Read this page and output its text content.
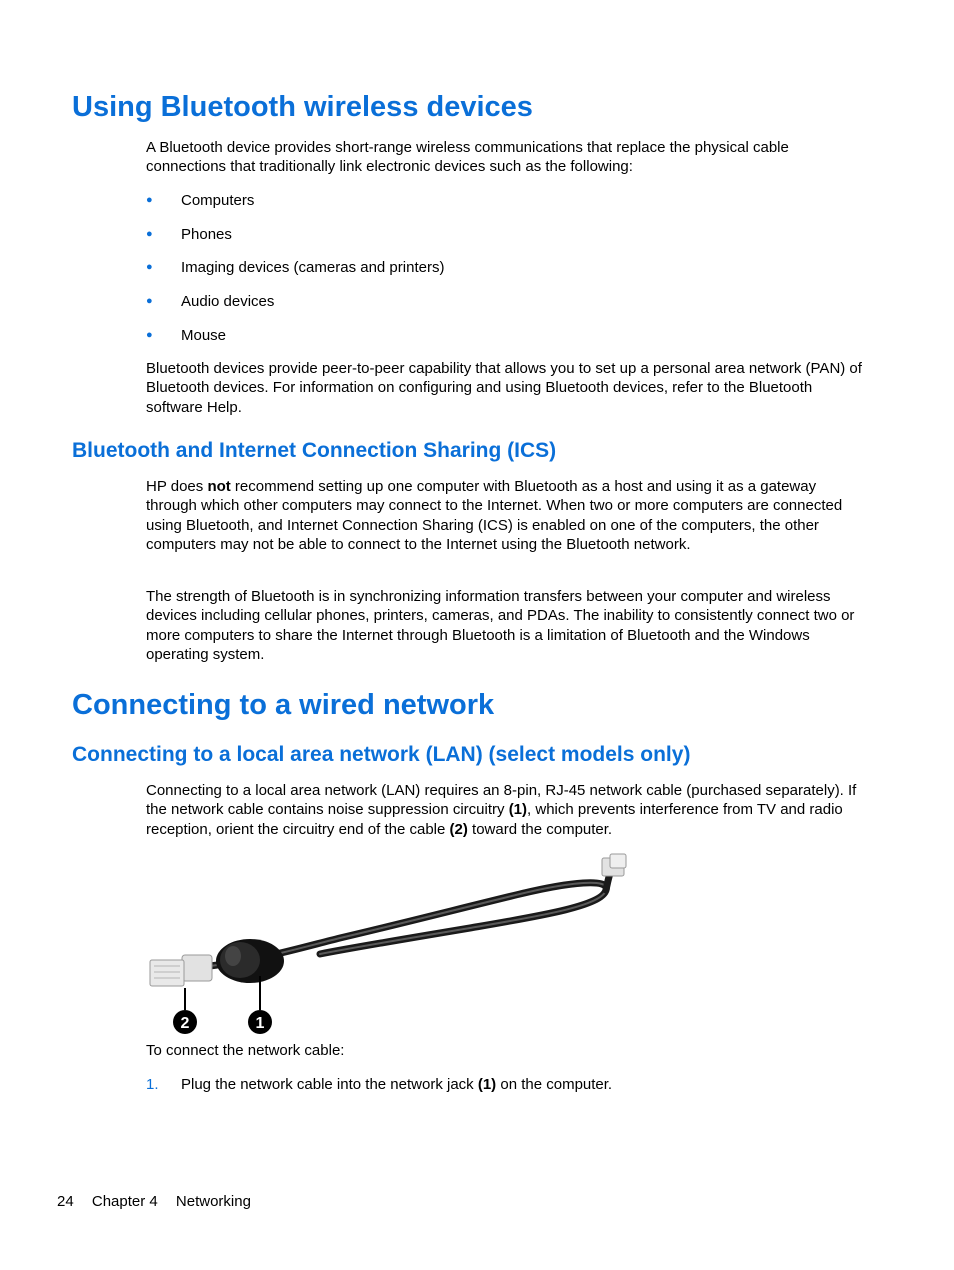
Using Bluetooth wireless devices

A Bluetooth device provides short-range wireless communications that replace the physical cable connections that traditionally link electronic devices such as the following:

● Computers
● Phones
● Imaging devices (cameras and printers)
● Audio devices
● Mouse

Bluetooth devices provide peer-to-peer capability that allows you to set up a personal area network (PAN) of Bluetooth devices. For information on configuring and using Bluetooth devices, refer to the Bluetooth software Help.

Bluetooth and Internet Connection Sharing (ICS)

HP does not recommend setting up one computer with Bluetooth as a host and using it as a gateway through which other computers may connect to the Internet. When two or more computers are connected using Bluetooth, and Internet Connection Sharing (ICS) is enabled on one of the computers, the other computers may not be able to connect to the Internet using the Bluetooth network.

The strength of Bluetooth is in synchronizing information transfers between your computer and wireless devices including cellular phones, printers, cameras, and PDAs. The inability to consistently connect two or more computers to share the Internet through Bluetooth is a limitation of Bluetooth and the Windows operating system.

Connecting to a wired network
Connecting to a local area network (LAN) (select models only)

Connecting to a local area network (LAN) requires an 8-pin, RJ-45 network cable (purchased separately). If the network cable contains noise suppression circuitry (1), which prevents interference from TV and radio reception, orient the circuitry end of the cable (2) toward the computer.

2	1

To connect the network cable:

1. Plug the network cable into the network jack (1) on the computer.
24 Chapter 4 Networking
